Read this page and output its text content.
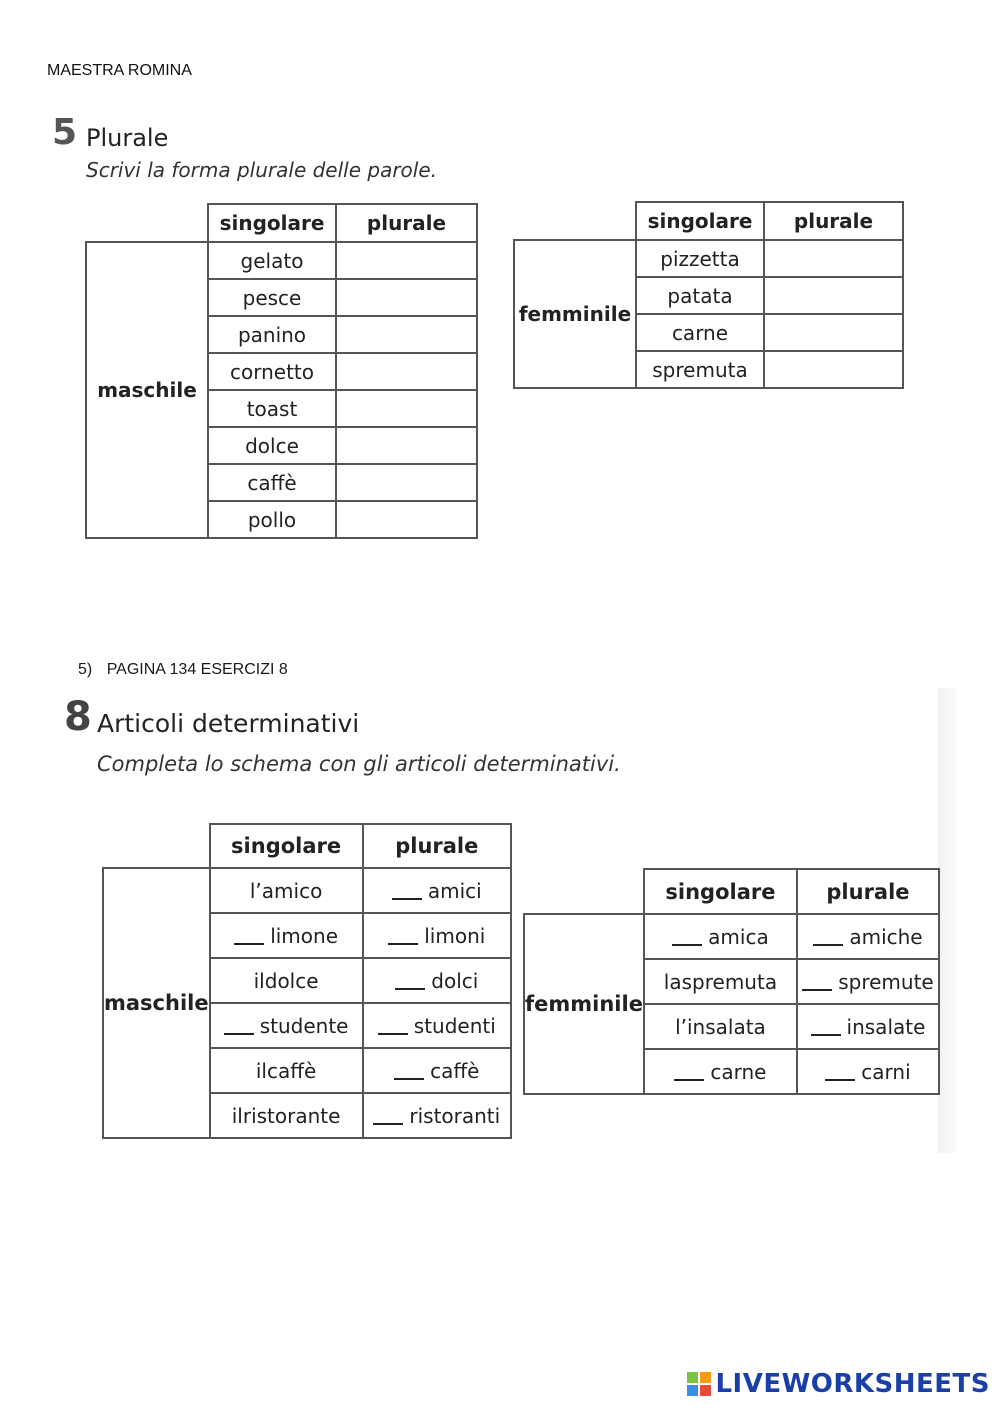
MAESTRA ROMINA
5 Plurale
Scrivi la forma plurale delle parole.
	singolare	plurale
maschile	gelato	
	pesce	
	panino	
	cornetto	
	toast	
	dolce	
	caffè	
	pollo	
	singolare	plurale
femminile	pizzetta	
	patata	
	carne	
	spremuta	
5) PAGINA 134 ESERCIZI 8
8 Articoli determinativi
Completa lo schema con gli articoli determinativi.
	singolare	plurale
maschile	l’amico	amici
	limone	limoni
	ildolce	dolci
	studente	studenti
	ilcaffè	caffè
	ilristorante	ristoranti
	singolare	plurale
femminile	amica	amiche
	laspremuta	spremute
	l’insalata	insalate
	carne	carni
LIVEWORKSHEETS
